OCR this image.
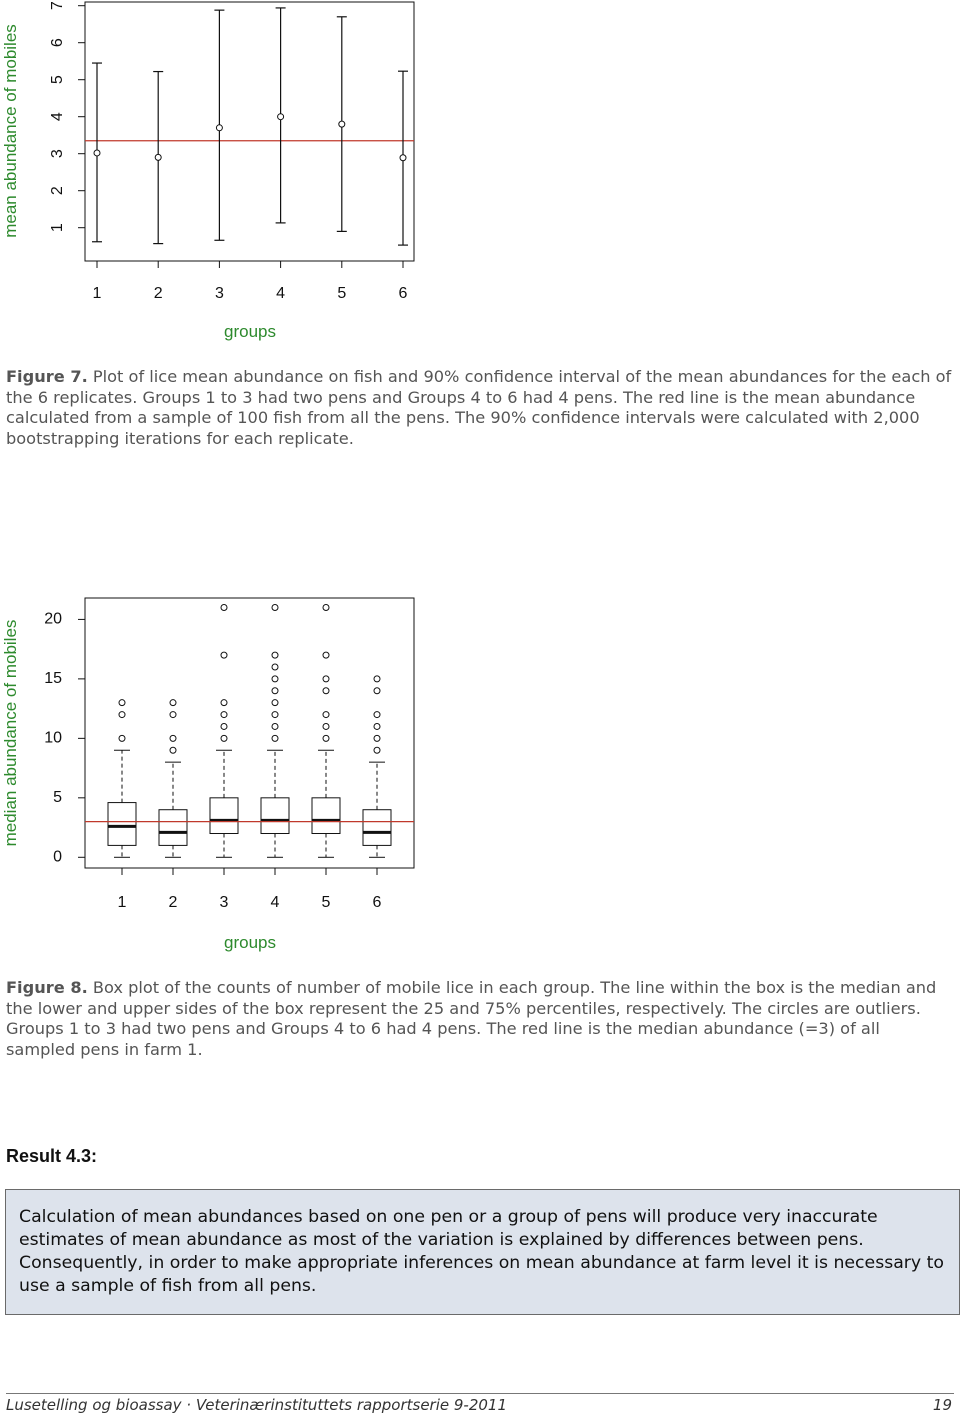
1
2
3
4
5
6
7
1	2	3	4	5	6
mean abundance of mobiles
groups

Figure 7. Plot of lice mean abundance on fish and 90% confidence interval of the mean abundances for the each of the 6 replicates. Groups 1 to 3 had two pens and Groups 4 to 6 had 4 pens. The red line is the mean abundance calculated from a sample of 100 fish from all the pens. The 90% confidence intervals were calculated with 2,000 bootstrapping iterations for each replicate.

0
5
10
15
20
1	2	3	4	5	6
median abundance of mobiles
groups

Figure 8. Box plot of the counts of number of mobile lice in each group. The line within the box is the median and the lower and upper sides of the box represent the 25 and 75% percentiles, respectively. The circles are outliers. Groups 1 to 3 had two pens and Groups 4 to 6 had 4 pens. The red line is the median abundance (=3) of all sampled pens in farm 1.

Result 4.3:
Calculation of mean abundances based on one pen or a group of pens will produce very inaccurate estimates of mean abundance as most of the variation is explained by differences between pens. Consequently, in order to make appropriate inferences on mean abundance at farm level it is necessary to use a sample of fish from all pens.
Lusetelling og bioassay · Veterinærinstituttets rapportserie 9-2011	19
